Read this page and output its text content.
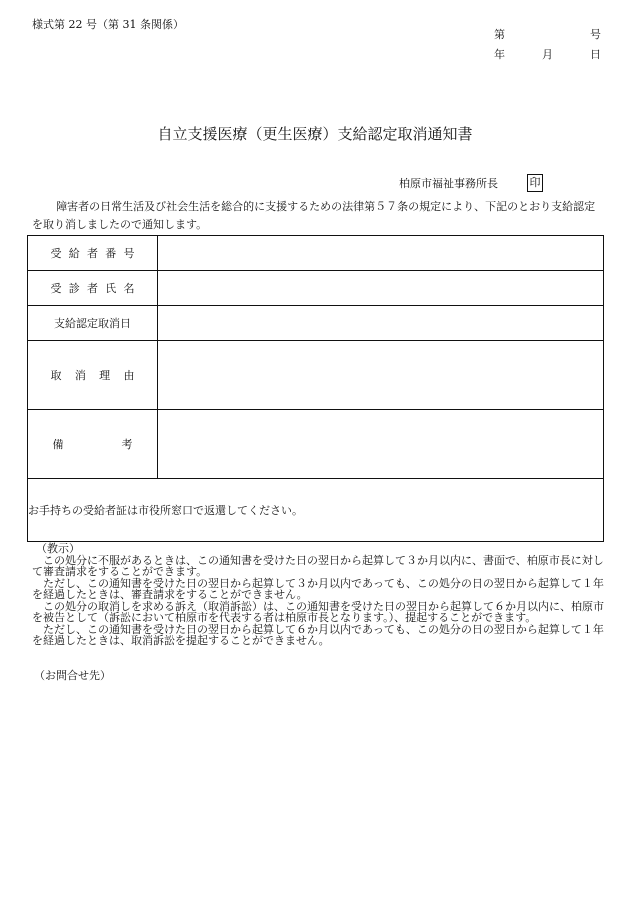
様式第 22 号（第 31 条関係）
第	号
年	月	日
自立支援医療（更生医療）支給認定取消通知書
柏原市福祉事務所長	印

障害者の日常生活及び社会生活を総合的に支援するための法律第５７条の規定により、下記のとおり支給認定を取り消しましたので通知します。

受給者番号	
受診者氏名	
支給認定取消日	
取消理由	
備考	
お手持ちの受給者証は市役所窓口で返還してください。	

（教示）

この処分に不服があるときは、この通知書を受けた日の翌日から起算して３か月以内に、書面で、柏原市長に対して審査請求をすることができます。

ただし、この通知書を受けた日の翌日から起算して３か月以内であっても、この処分の日の翌日から起算して１年を経過したときは、審査請求をすることができません。

この処分の取消しを求める訴え（取消訴訟）は、この通知書を受けた日の翌日から起算して６か月以内に、柏原市を被告として（訴訟において柏原市を代表する者は柏原市長となります。）、提起することができます。

ただし、この通知書を受けた日の翌日から起算して６か月以内であっても、この処分の日の翌日から起算して１年を経過したときは、取消訴訟を提起することができません。

（お問合せ先）
